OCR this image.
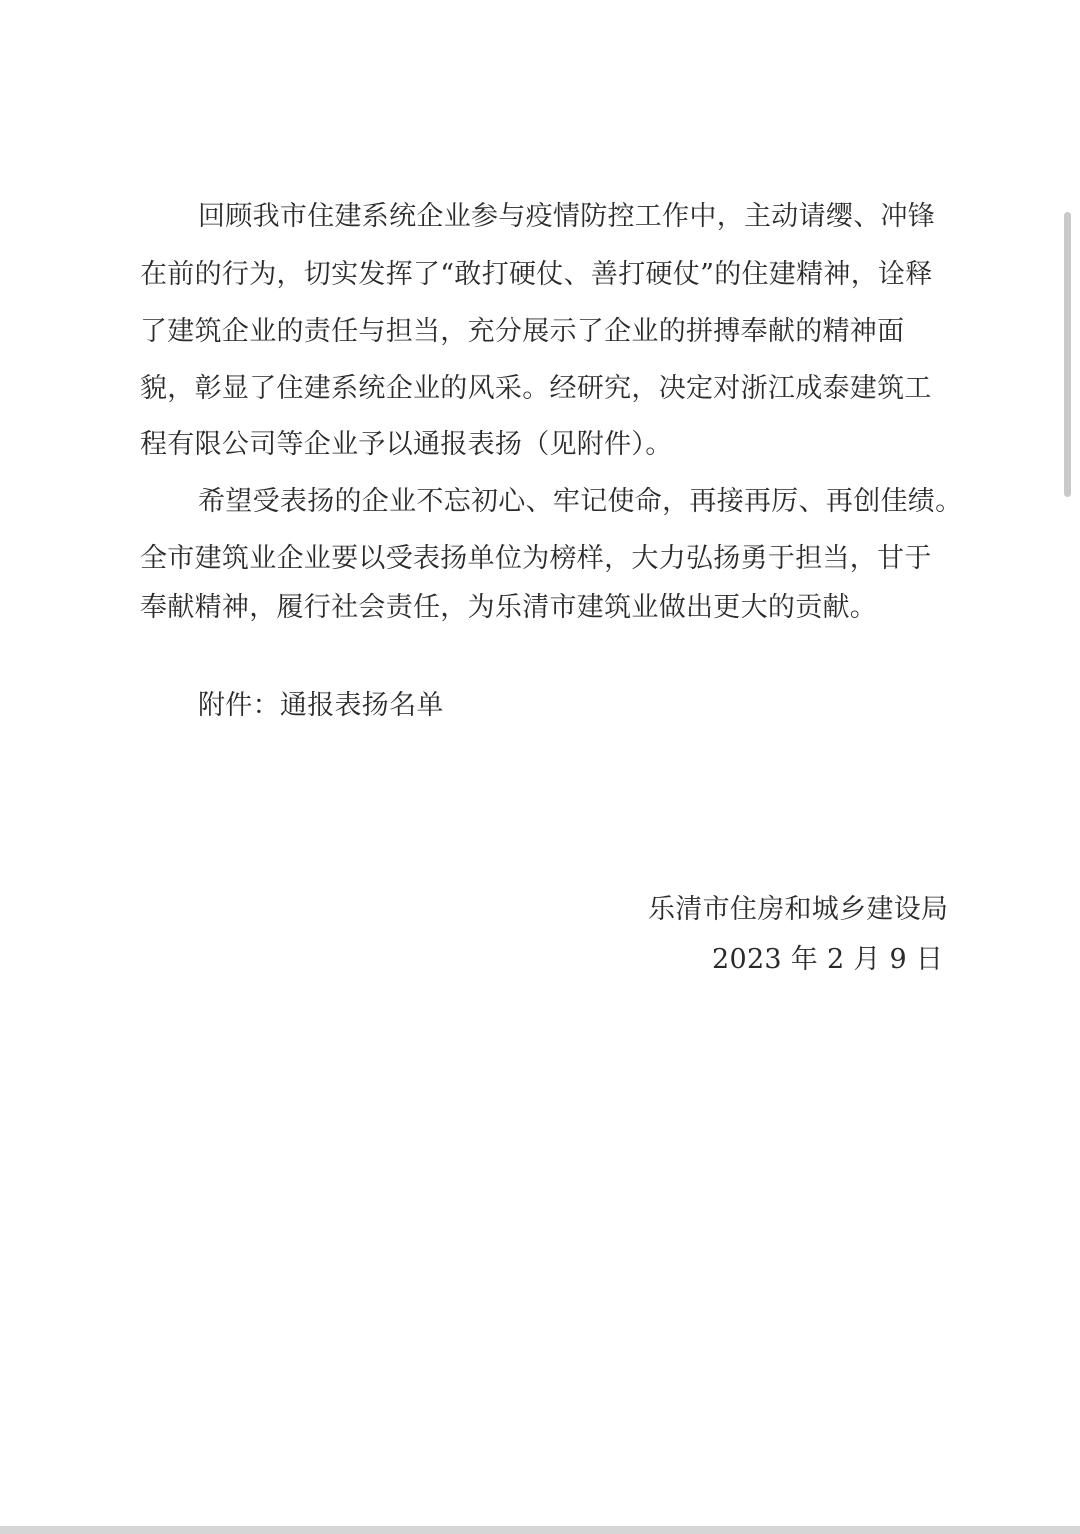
回顾我市住建系统企业参与疫情防控工作中，主动请缨、冲锋
在前的行为，切实发挥了“敢打硬仗、善打硬仗”的住建精神，诠释
了建筑企业的责任与担当，充分展示了企业的拼搏奉献的精神面
貌，彰显了住建系统企业的风采。经研究，决定对浙江成泰建筑工
程有限公司等企业予以通报表扬（见附件）。
希望受表扬的企业不忘初心、牢记使命，再接再厉、再创佳绩。
全市建筑业企业要以受表扬单位为榜样，大力弘扬勇于担当，甘于
奉献精神，履行社会责任，为乐清市建筑业做出更大的贡献。
附件：通报表扬名单
乐清市住房和城乡建设局
2023 年 2 月 9 日
